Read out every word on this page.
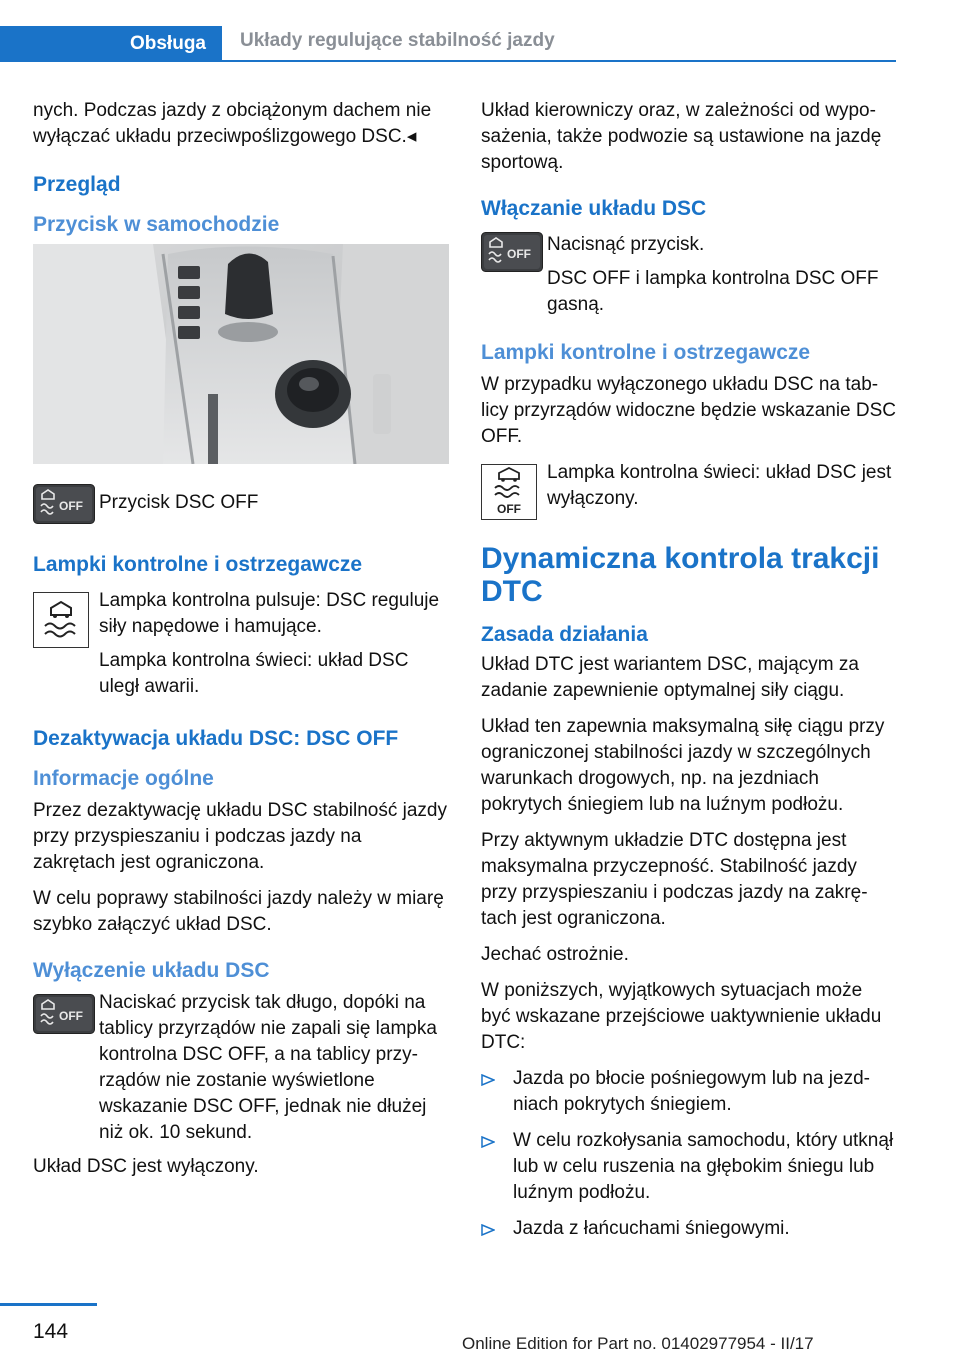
Obsługa	Układy regulujące stabilność jazdy

nych. Podczas jazdy z obciążonym dachem nie wyłączać układu przeciwpoślizgowego DSC.◂

Przegląd
Przycisk w samochodzie
OFF Przycisk DSC OFF

Lampki kontrolne i ostrzegawcze

Lampka kontrolna pulsuje: DSC reguluje siły napędowe i hamujące.

Lampka kontrolna świeci: układ DSC uległ awarii.

Dezaktywacja układu DSC: DSC OFF
Informacje ogólne

Przez dezaktywację układu DSC stabilność jazdy przy przyspieszaniu i podczas jazdy na zakrętach jest ograniczona.

W celu poprawy stabilności jazdy należy w miarę szybko załączyć układ DSC.

Wyłączenie układu DSC
OFF

Naciskać przycisk tak długo, dopóki na tablicy przyrządów nie zapali się lampka kontrolna DSC OFF, a na tablicy przyrządów nie zostanie wyświetlone wskazanie DSC OFF, jednak nie dłużej niż ok. 10 sekund.

Układ DSC jest wyłączony.

Układ kierowniczy oraz, w zależności od wyposażenia, także podwozie są ustawione na jazdę sportową.

Włączanie układu DSC
OFF Nacisnąć przycisk.

DSC OFF i lampka kontrolna DSC OFF gasną.

Lampki kontrolne i ostrzegawcze

W przypadku wyłączonego układu DSC na tablicy przyrządów widoczne będzie wskazanie DSC OFF.

OFF

Lampka kontrolna świeci: układ DSC jest wyłączony.

Dynamiczna kontrola trakcji DTC
Zasada działania

Układ DTC jest wariantem DSC, mającym za zadanie zapewnienie optymalnej siły ciągu.

Układ ten zapewnia maksymalną siłę ciągu przy ograniczonej stabilności jazdy w szczególnych warunkach drogowych, np. na jezdniach pokrytych śniegiem lub na luźnym podłożu.

Przy aktywnym układzie DTC dostępna jest maksymalna przyczepność. Stabilność jazdy przy przyspieszaniu i podczas jazdy na zakrętach jest ograniczona.

Jechać ostrożnie.

W poniższych, wyjątkowych sytuacjach może być wskazane przejściowe uaktywnienie układu DTC:

Jazda po błocie pośniegowym lub na jezdniach pokrytych śniegiem.
W celu rozkołysania samochodu, który utknął lub w celu ruszenia na głębokim śniegu lub luźnym podłożu.
Jazda z łańcuchami śniegowymi.
144
Online Edition for Part no. 01402977954 - II/17
